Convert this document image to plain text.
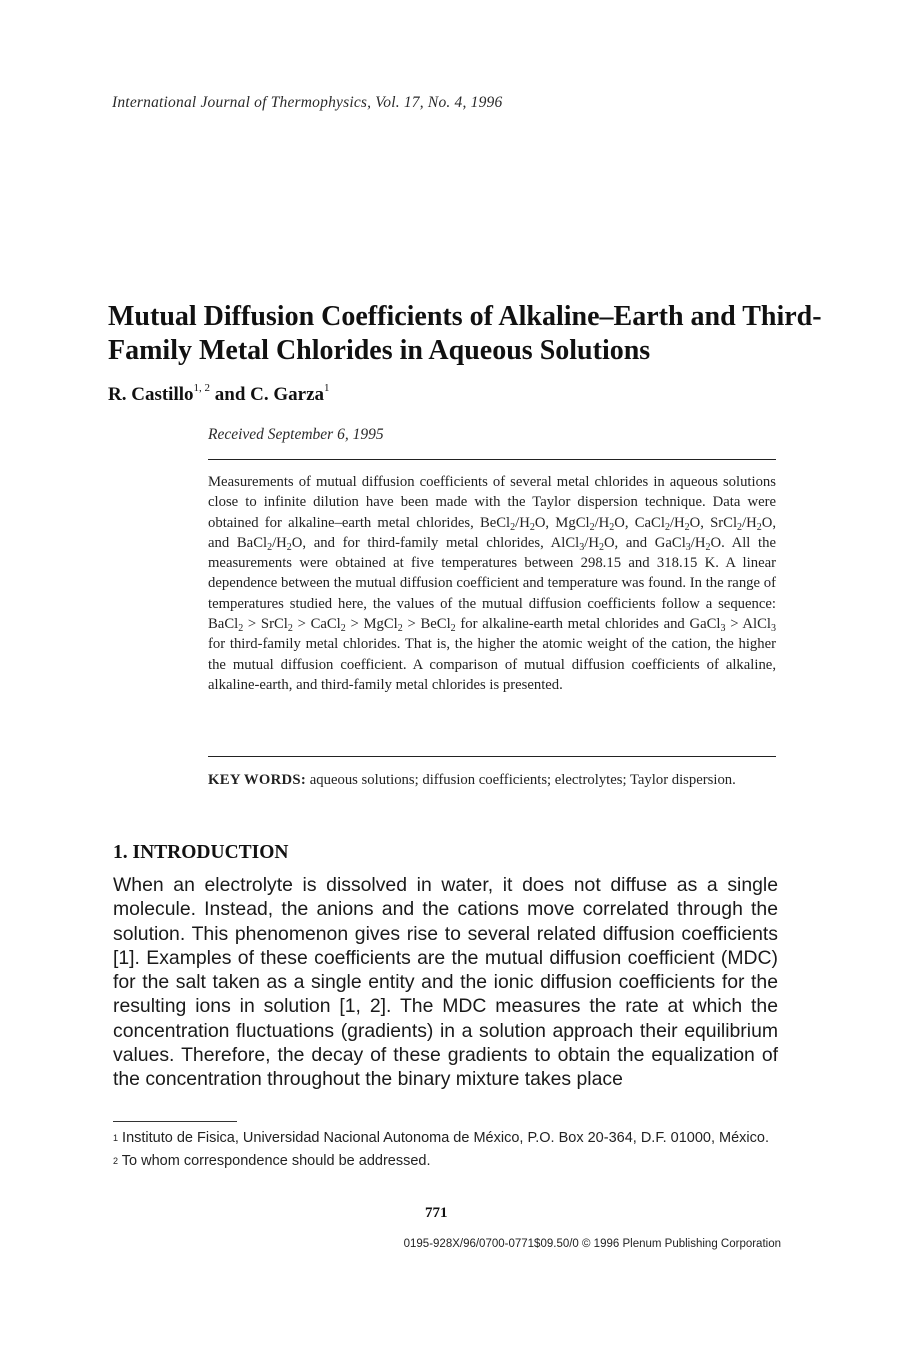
International Journal of Thermophysics, Vol. 17, No. 4, 1996
Mutual Diffusion Coefficients of Alkaline–Earth and Third-Family Metal Chlorides in Aqueous Solutions
R. Castillo$^{1, 2}$ and C. Garza$^1$
Received September 6, 1995

Measurements of mutual diffusion coefficients of several metal chlorides in aqueous solutions close to infinite dilution have been made with the Taylor dispersion technique. Data were obtained for alkaline–earth metal chlorides, $BeCl_2/H_2O$, $MgCl_2/H_2O$, $CaCl_2/H_2O$, $SrCl_2/H_2O$, and $BaCl_2/H_2O$, and for third-family metal chlorides, $AlCl_3/H_2O$, and $GaCl_3/H_2O$. All the measurements were obtained at five temperatures between 298.15 and 318.15 K. A linear dependence between the mutual diffusion coefficient and temperature was found. In the range of temperatures studied here, the values of the mutual diffusion coefficients follow a sequence: BaCl$_2$ > SrCl$_2$ > CaCl$_2$ > MgCl$_2$ > BeCl$_2$ for alkaline-earth metal chlorides and GaCl$_3$ > AlCl$_3$ for third-family metal chlorides. That is, the higher the atomic weight of the cation, the higher the mutual diffusion coefficient. A comparison of mutual diffusion coefficients of alkaline, alkaline-earth, and third-family metal chlorides is presented.

KEY WORDS: aqueous solutions; diffusion coefficients; electrolytes; Taylor dispersion.

1. INTRODUCTION

When an electrolyte is dissolved in water, it does not diffuse as a single molecule. Instead, the anions and the cations move correlated through the solution. This phenomenon gives rise to several related diffusion coefficients [1]. Examples of these coefficients are the mutual diffusion coefficient (MDC) for the salt taken as a single entity and the ionic diffusion coefficients for the resulting ions in solution [1, 2]. The MDC measures the rate at which the concentration fluctuations (gradients) in a solution approach their equilibrium values. Therefore, the decay of these gradients to obtain the equalization of the concentration throughout the binary mixture takes place

$^1$ Instituto de Fisica, Universidad Nacional Autonoma de México, P.O. Box 20-364, D.F. 01000, México.
$^2$ To whom correspondence should be addressed.
771
0195-928X/96/0700-0771$09.50/0 © 1996 Plenum Publishing Corporation
